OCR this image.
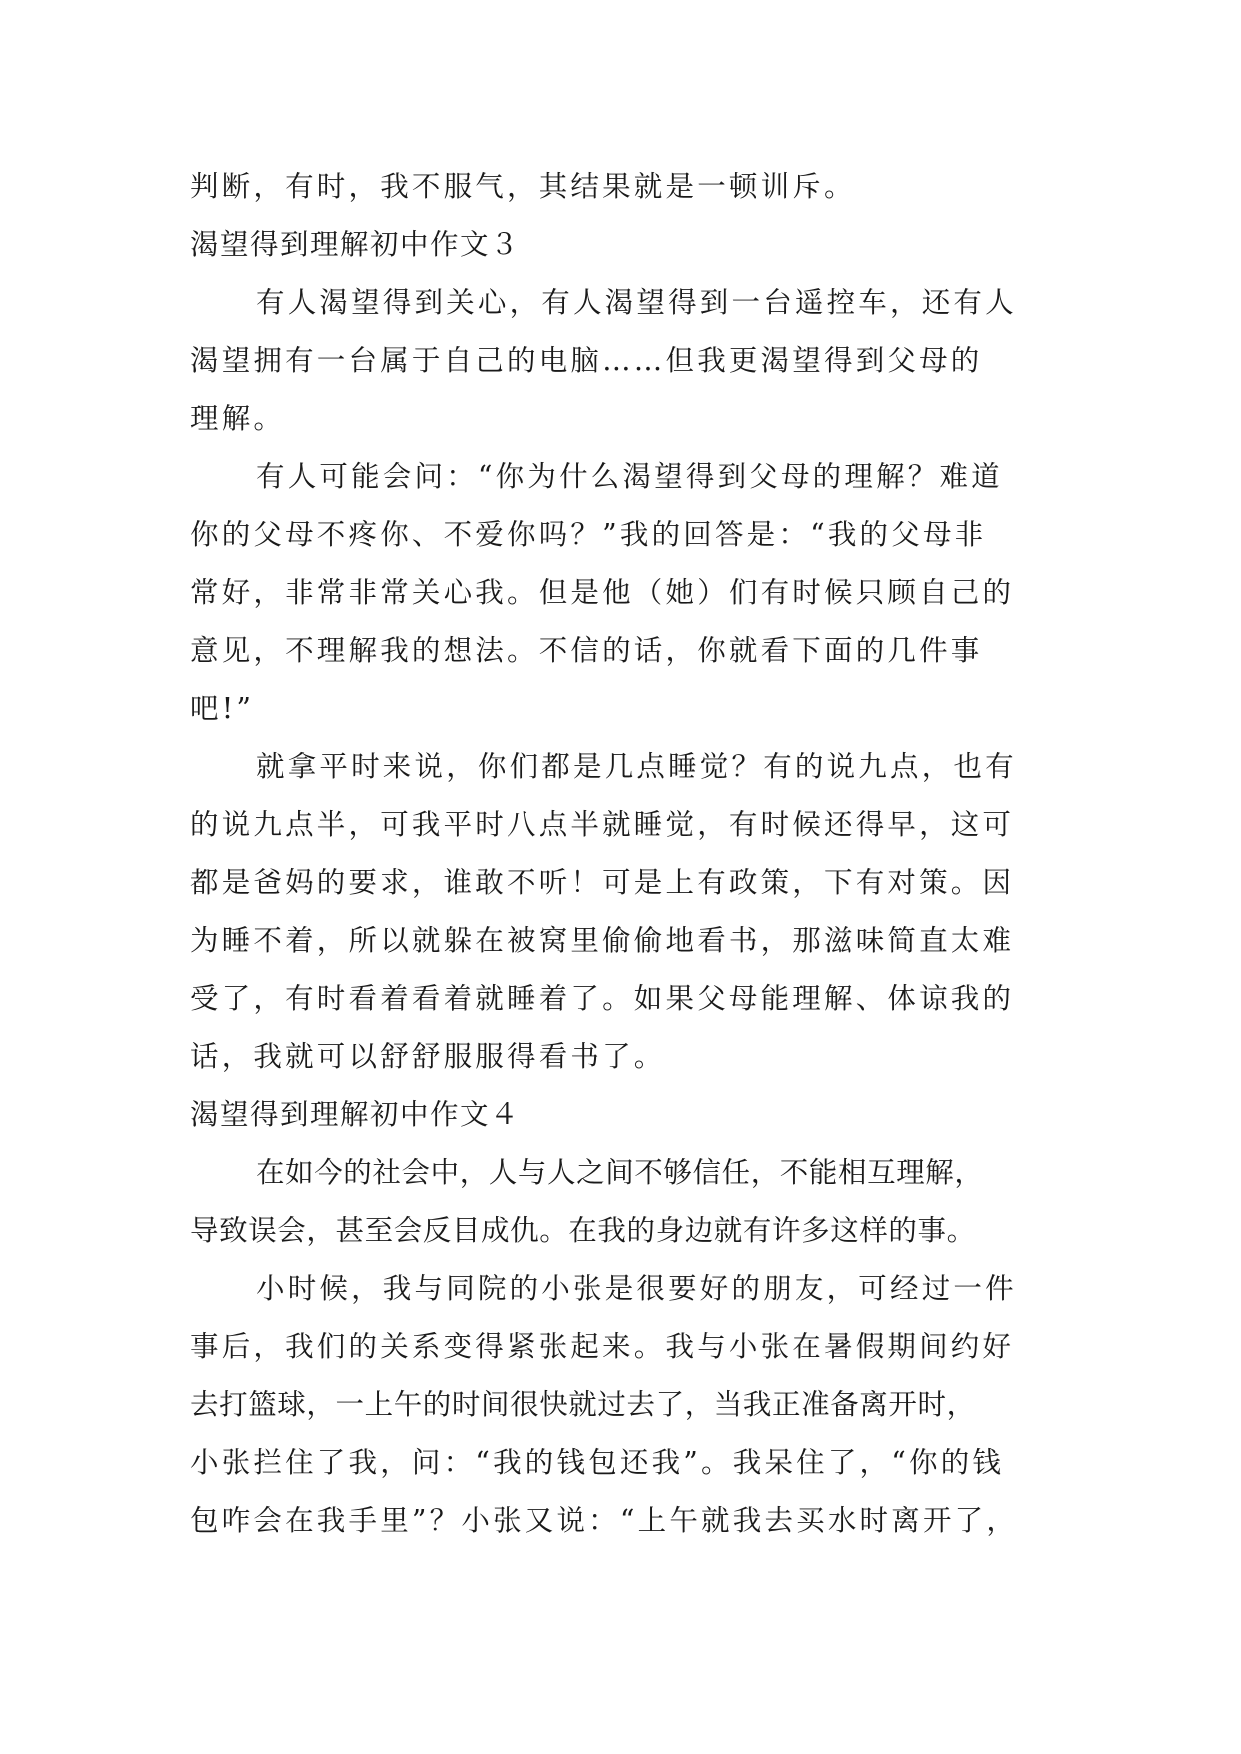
判断，有时，我不服气，其结果就是一顿训斥。
渴望得到理解初中作文３
有人渴望得到关心，有人渴望得到一台遥控车，还有人
渴望拥有一台属于自己的电脑……但我更渴望得到父母的
理解。
有人可能会问：“你为什么渴望得到父母的理解？难道
你的父母不疼你、不爱你吗？”我的回答是：“我的父母非
常好，非常非常关心我。但是他（她）们有时候只顾自己的
意见，不理解我的想法。不信的话，你就看下面的几件事
吧!”
就拿平时来说，你们都是几点睡觉？有的说九点，也有
的说九点半，可我平时八点半就睡觉，有时候还得早，这可
都是爸妈的要求，谁敢不听！可是上有政策，下有对策。因
为睡不着，所以就躲在被窝里偷偷地看书，那滋味简直太难
受了，有时看着看着就睡着了。如果父母能理解、体谅我的
话，我就可以舒舒服服得看书了。
渴望得到理解初中作文４
在如今的社会中，人与人之间不够信任，不能相互理解，
导致误会，甚至会反目成仇。在我的身边就有许多这样的事。
小时候，我与同院的小张是很要好的朋友，可经过一件
事后，我们的关系变得紧张起来。我与小张在暑假期间约好
去打篮球，一上午的时间很快就过去了，当我正准备离开时，
小张拦住了我，问：“我的钱包还我”。我呆住了，“你的钱
包咋会在我手里”？小张又说：“上午就我去买水时离开了，
